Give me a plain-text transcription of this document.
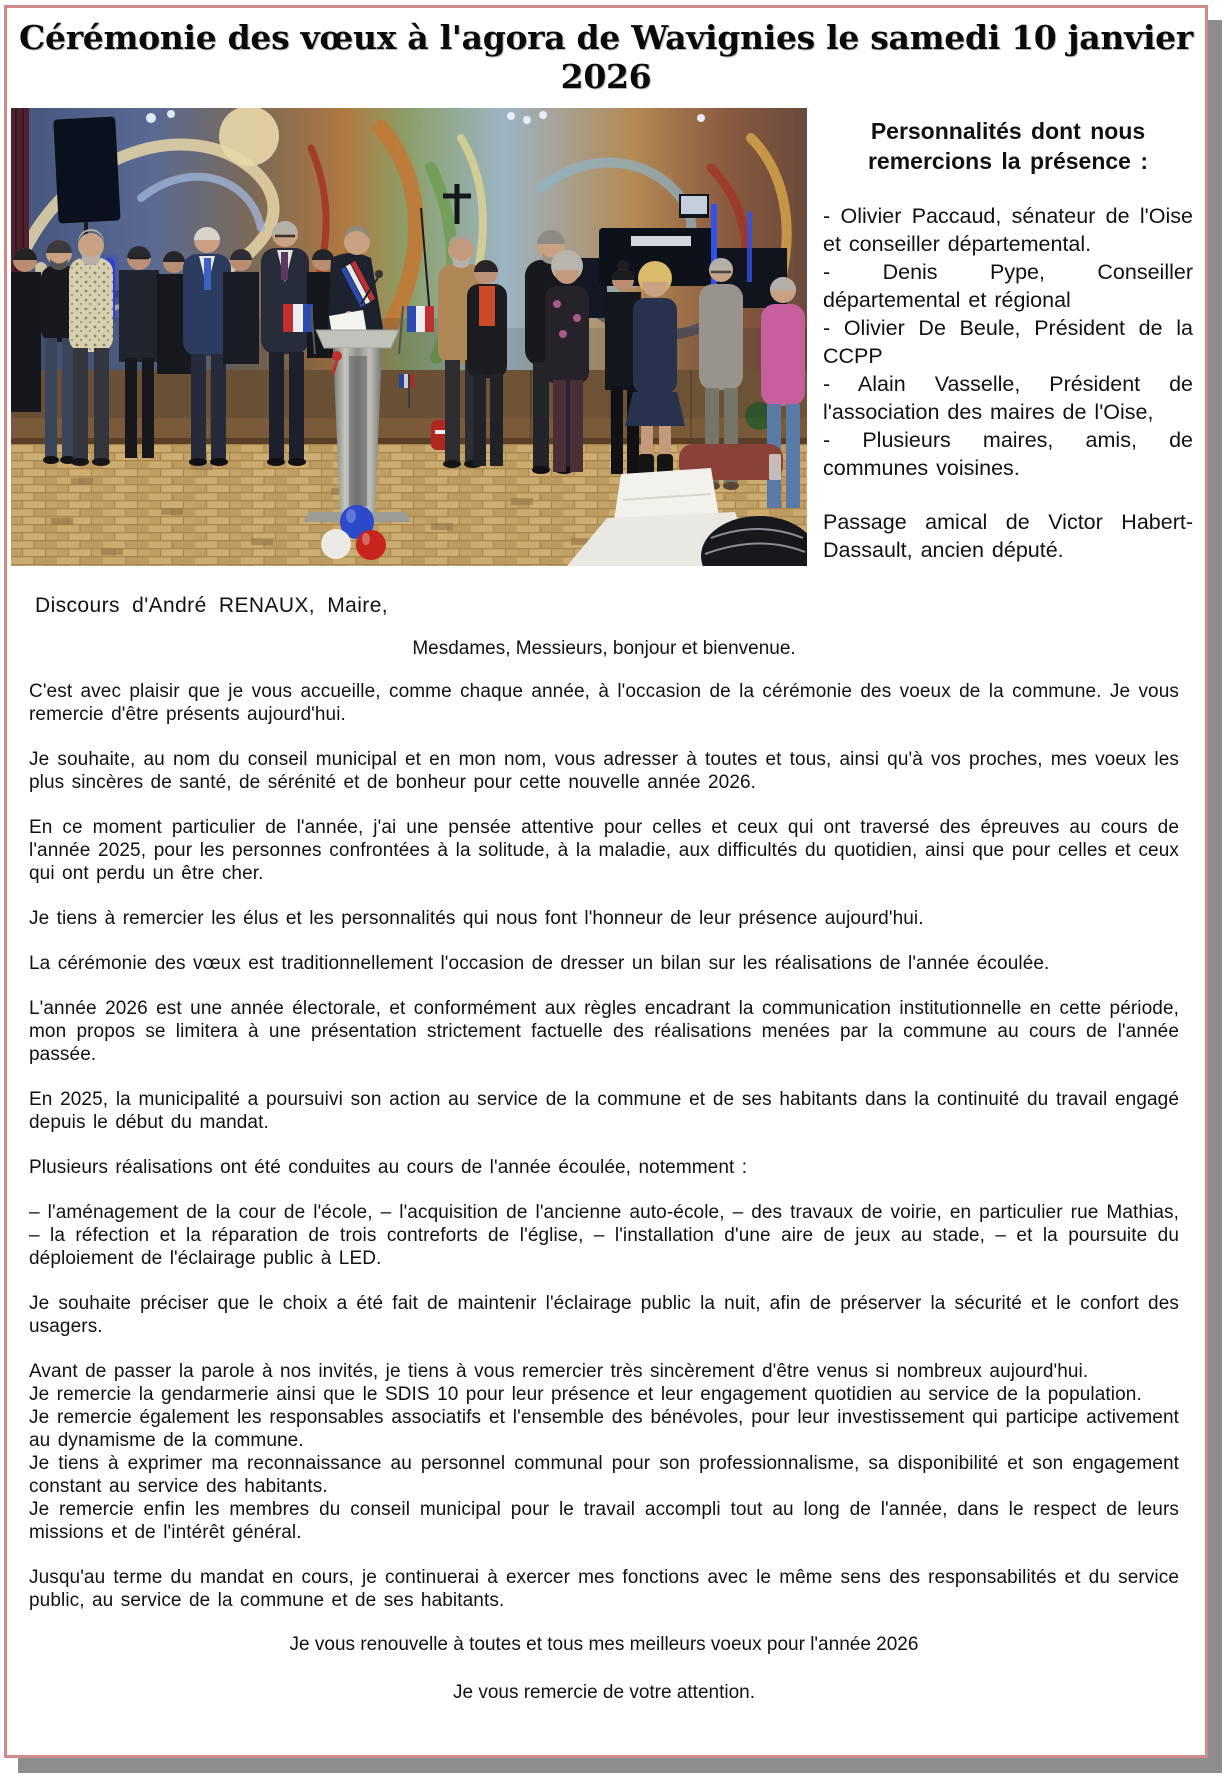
Cérémonie des vœux à l'agora de Wavignies le samedi 10 janvier 2026
Personnalités dont nous remercions la présence :

- Olivier Paccaud, sénateur de l'Oise et conseiller départemental.

- Denis Pype, Conseiller départemental et régional

- Olivier De Beule, Président de la CCPP

- Alain Vasselle, Président de l'association des maires de l'Oise,

- Plusieurs maires, amis, de communes voisines.

Passage amical de Victor Habert-Dassault, ancien député.

Discours d'André RENAUX, Maire,

Mesdames, Messieurs, bonjour et bienvenue.

C'est avec plaisir que je vous accueille, comme chaque année, à l'occasion de la cérémonie des voeux de la commune. Je vous remercie d'être présents aujourd'hui.

Je souhaite, au nom du conseil municipal et en mon nom, vous adresser à toutes et tous, ainsi qu'à vos proches, mes voeux les plus sincères de santé, de sérénité et de bonheur pour cette nouvelle année 2026.

En ce moment particulier de l'année, j'ai une pensée attentive pour celles et ceux qui ont traversé des épreuves au cours de l'année 2025, pour les personnes confrontées à la solitude, à la maladie, aux difficultés du quotidien, ainsi que pour celles et ceux qui ont perdu un être cher.

Je tiens à remercier les élus et les personnalités qui nous font l'honneur de leur présence aujourd'hui.

La cérémonie des vœux est traditionnellement l'occasion de dresser un bilan sur les réalisations de l'année écoulée.

L'année 2026 est une année électorale, et conformément aux règles encadrant la communication institutionnelle en cette période, mon propos se limitera à une présentation strictement factuelle des réalisations menées par la commune au cours de l'année passée.

En 2025, la municipalité a poursuivi son action au service de la commune et de ses habitants dans la continuité du travail engagé depuis le début du mandat.

Plusieurs réalisations ont été conduites au cours de l'année écoulée, notemment :

– l'aménagement de la cour de l'école, – l'acquisition de l'ancienne auto-école, – des travaux de voirie, en particulier rue Mathias, – la réfection et la réparation de trois contreforts de l'église, – l'installation d'une aire de jeux au stade, – et la poursuite du déploiement de l'éclairage public à LED.

Je souhaite préciser que le choix a été fait de maintenir l'éclairage public la nuit, afin de préserver la sécurité et le confort des usagers.

Avant de passer la parole à nos invités, je tiens à vous remercier très sincèrement d'être venus si nombreux aujourd'hui.

Je remercie la gendarmerie ainsi que le SDIS 10 pour leur présence et leur engagement quotidien au service de la population.

Je remercie également les responsables associatifs et l'ensemble des bénévoles, pour leur investissement qui participe activement au dynamisme de la commune.

Je tiens à exprimer ma reconnaissance au personnel communal pour son professionnalisme, sa disponibilité et son engagement constant au service des habitants.

Je remercie enfin les membres du conseil municipal pour le travail accompli tout au long de l'année, dans le respect de leurs missions et de l'intérêt général.

Jusqu'au terme du mandat en cours, je continuerai à exercer mes fonctions avec le même sens des responsabilités et du service public, au service de la commune et de ses habitants.

Je vous renouvelle à toutes et tous mes meilleurs voeux pour l'année 2026

Je vous remercie de votre attention.
